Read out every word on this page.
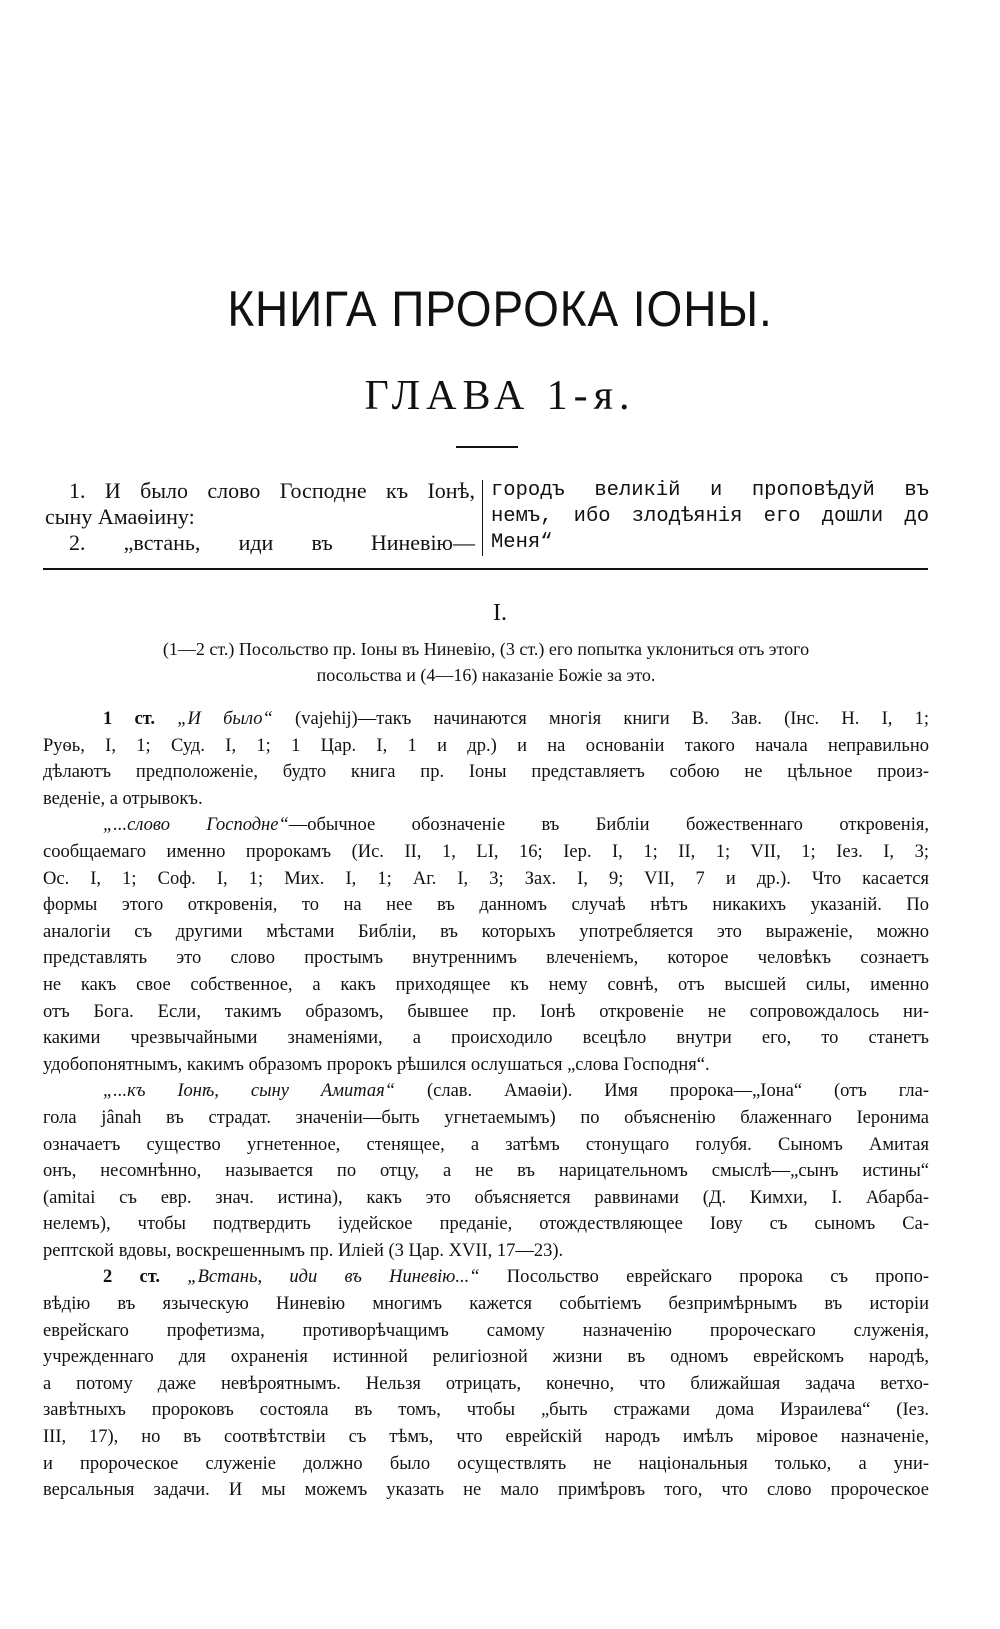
КНИГА ПРОРОКА ІОНЫ.
ГЛАВА 1-я.
1. И было слово Господне къ Іонѣ,
сыну Амаѳіину:
2. „встань, иди въ Ниневію—
городъ великій и проповѣдуй въ
немъ, ибо злодѣянія его дошли до
Меня“
I.
(1—2 ст.) Посольство пр. Іоны въ Ниневію, (3 ст.) его попытка уклониться отъ этого
посольства и (4—16) наказаніе Божіе за это.
1 ст. „И было“ (vajehij)—такъ начинаются многія книги В. Зав. (Інс. Н. I, 1;
Руѳь, I, 1; Суд. I, 1; 1 Цар. I, 1 и др.) и на основаніи такого начала неправильно
дѣлаютъ предположеніе, будто книга пр. Іоны представляетъ собою не цѣльное произ-
веденіе, а отрывокъ.
„...слово Господне“—обычное обозначеніе въ Библіи божественнаго откровенія,
сообщаемаго именно пророкамъ (Ис. II, 1, LI, 16; Іер. I, 1; II, 1; VII, 1; Іез. I, 3;
Ос. I, 1; Соф. I, 1; Мих. I, 1; Аг. I, 3; Зах. I, 9; VII, 7 и др.). Что касается
формы этого откровенія, то на нее въ данномъ случаѣ нѣтъ никакихъ указаній. По
аналогіи съ другими мѣстами Библіи, въ которыхъ употребляется это выраженіе, можно
представлять это слово простымъ внутреннимъ влеченіемъ, которое человѣкъ сознаетъ
не какъ свое собственное, а какъ приходящее къ нему совнѣ, отъ высшей силы, именно
отъ Бога. Если, такимъ образомъ, бывшее пр. Іонѣ откровеніе не сопровождалось ни-
какими чрезвычайными знаменіями, а происходило всецѣло внутри его, то станетъ
удобопонятнымъ, какимъ образомъ пророкъ рѣшился ослушаться „слова Господня“.
„...къ Іонѣ, сыну Амитая“ (слав. Амаѳіи). Имя пророка—„Іона“ (отъ гла-
гола jânah въ страдат. значеніи—быть угнетаемымъ) по объясненію блаженнаго Іеронима
означаетъ существо угнетенное, стенящее, а затѣмъ стонущаго голубя. Сыномъ Амитая
онъ, несомнѣнно, называется по отцу, а не въ нарицательномъ смыслѣ—„сынъ истины“
(amitai съ евр. знач. истина), какъ это объясняется раввинами (Д. Кимхи, I. Абарба-
нелемъ), чтобы подтвердить іудейское преданіе, отождествляющее Іову съ сыномъ Са-
рептской вдовы, воскрешеннымъ пр. Иліей (3 Цар. XVII, 17—23).
2 ст. „Встань, иди въ Ниневію...“ Посольство еврейскаго пророка съ пропо-
вѣдію въ языческую Ниневію многимъ кажется событіемъ безпримѣрнымъ въ исторіи
еврейскаго профетизма, противорѣчащимъ самому назначенію пророческаго служенія,
учрежденнаго для охраненія истинной религіозной жизни въ одномъ еврейскомъ народѣ,
а потому даже невѣроятнымъ. Нельзя отрицать, конечно, что ближайшая задача ветхо-
завѣтныхъ пророковъ состояла въ томъ, чтобы „быть стражами дома Израилева“ (Іез.
III, 17), но въ соотвѣтствіи съ тѣмъ, что еврейскій народъ имѣлъ міровое назначеніе,
и пророческое служеніе должно было осуществлять не національныя только, а уни-
версальныя задачи. И мы можемъ указать не мало примѣровъ того, что слово пророческое
